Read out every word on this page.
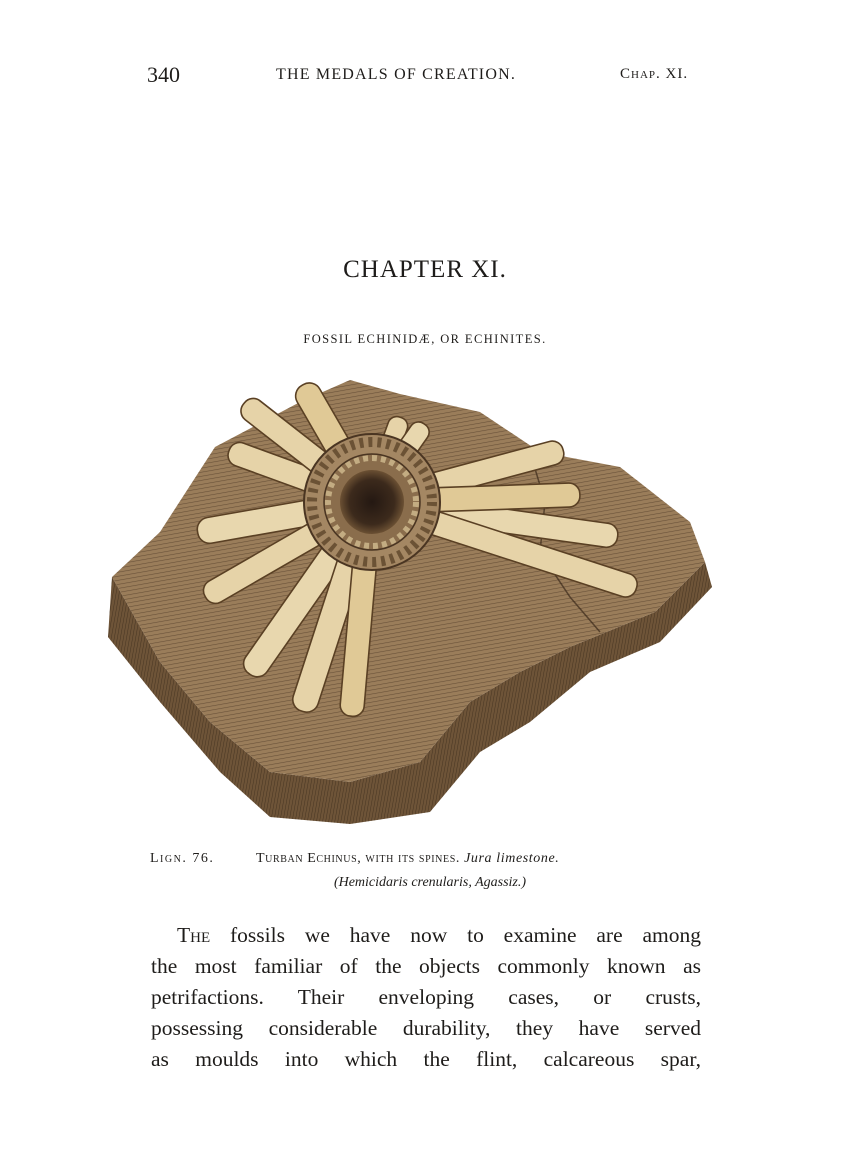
340	THE MEDALS OF CREATION.	Chap. XI.
CHAPTER XI.
FOSSIL ECHINIDÆ, OR ECHINITES.
Lign. 76.	Turban Echinus, with its spines. Jura limestone.
(Hemicidaris crenularis, Agassiz.)
The fossils we have now to examine are among
the most familiar of the objects commonly known as
petrifactions. Their enveloping cases, or crusts,
possessing considerable durability, they have served
as moulds into which the flint, calcareous spar,
